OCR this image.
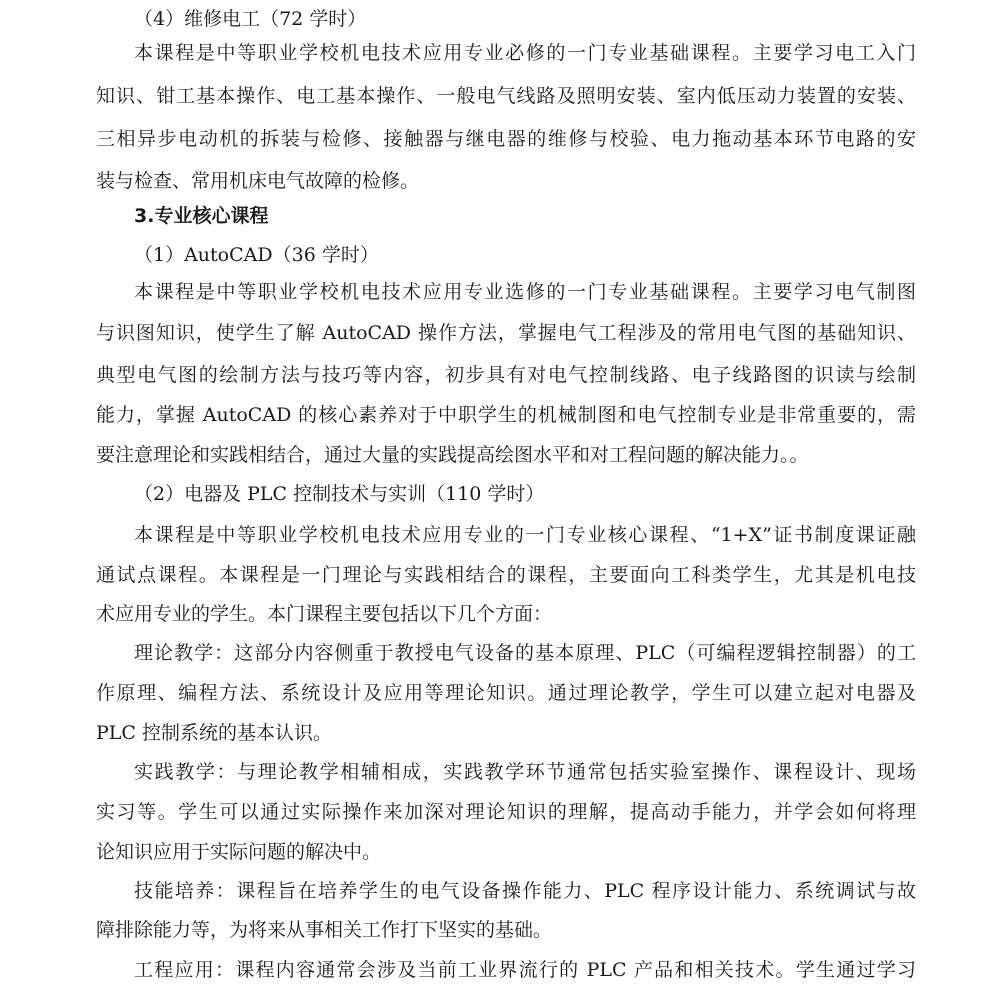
（4）维修电工（72 学时）
本课程是中等职业学校机电技术应用专业必修的一门专业基础课程。主要学习电工入门
知识、钳工基本操作、电工基本操作、一般电气线路及照明安装、室内低压动力装置的安装、
三相异步电动机的拆装与检修、接触器与继电器的维修与校验、电力拖动基本环节电路的安
装与检查、常用机床电气故障的检修。
3.专业核心课程
（1）AutoCAD（36 学时）
本课程是中等职业学校机电技术应用专业选修的一门专业基础课程。主要学习电气制图
与识图知识，使学生了解 AutoCAD 操作方法，掌握电气工程涉及的常用电气图的基础知识、
典型电气图的绘制方法与技巧等内容，初步具有对电气控制线路、电子线路图的识读与绘制
能力，掌握 AutoCAD 的核心素养对于中职学生的机械制图和电气控制专业是非常重要的，需
要注意理论和实践相结合，通过大量的实践提高绘图水平和对工程问题的解决能力。。
（2）电器及 PLC 控制技术与实训（110 学时）
本课程是中等职业学校机电技术应用专业的一门专业核心课程、“1+X”证书制度课证融
通试点课程。本课程是一门理论与实践相结合的课程，主要面向工科类学生，尤其是机电技
术应用专业的学生。本门课程主要包括以下几个方面：
理论教学：这部分内容侧重于教授电气设备的基本原理、PLC（可编程逻辑控制器）的工
作原理、编程方法、系统设计及应用等理论知识。通过理论教学，学生可以建立起对电器及
PLC 控制系统的基本认识。
实践教学：与理论教学相辅相成，实践教学环节通常包括实验室操作、课程设计、现场
实习等。学生可以通过实际操作来加深对理论知识的理解，提高动手能力，并学会如何将理
论知识应用于实际问题的解决中。
技能培养：课程旨在培养学生的电气设备操作能力、PLC 程序设计能力、系统调试与故
障排除能力等，为将来从事相关工作打下坚实的基础。
工程应用：课程内容通常会涉及当前工业界流行的 PLC 产品和相关技术。学生通过学习
